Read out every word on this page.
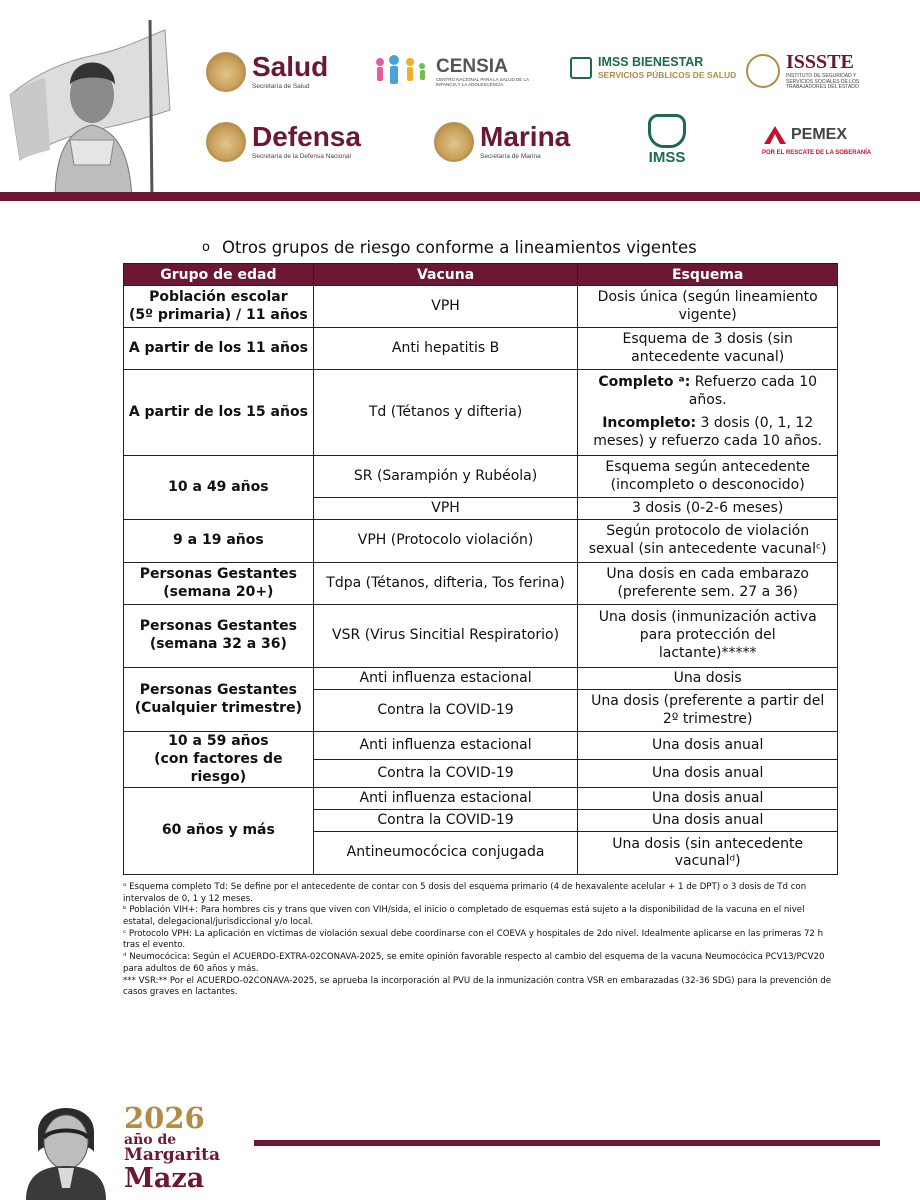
Salud
Secretaría de Salud
CENSIA
CENTRO NACIONAL PARA LA SALUD DE LA INFANCIA Y LA ADOLESCENCIA
IMSS BIENESTAR
SERVICIOS PÚBLICOS DE SALUD
ISSSTE
INSTITUTO DE SEGURIDAD Y SERVICIOS SOCIALES DE LOS TRABAJADORES DEL ESTADO
Defensa
Secretaría de la Defensa Nacional
Marina
Secretaría de Marina	IMSS
PEMEX
POR EL RESCATE DE LA SOBERANÍA
o Otros grupos de riesgo conforme a lineamientos vigentes
Grupo de edad	Vacuna	Esquema
Población escolar
(5º primaria) / 11 años	VPH	Dosis única (según lineamiento
vigente)
A partir de los 11 años	Anti hepatitis B	Esquema de 3 dosis (sin
antecedente vacunal)
A partir de los 15 años	Td (Tétanos y difteria)	Completo ᵃ: Refuerzo cada 10
años.

Incompleto: 3 dosis (0, 1, 12
meses) y refuerzo cada 10 años.

10 a 49 años	SR (Sarampión y Rubéola)	Esquema según antecedente
(incompleto o desconocido)
	VPH	3 dosis (0-2-6 meses)
9 a 19 años	VPH (Protocolo violación)	Según protocolo de violación
sexual (sin antecedente vacunalᶜ)
Personas Gestantes
(semana 20+)	Tdpa (Tétanos, difteria, Tos ferina)	Una dosis en cada embarazo
(preferente sem. 27 a 36)
Personas Gestantes
(semana 32 a 36)	VSR (Virus Sincitial Respiratorio)	Una dosis (inmunización activa
para protección del
lactante)*****
Personas Gestantes
(Cualquier trimestre)	Anti influenza estacional	Una dosis
	Contra la COVID-19	Una dosis (preferente a partir del
2º trimestre)
10 a 59 años
(con factores de riesgo)	Anti influenza estacional	Una dosis anual
	Contra la COVID-19	Una dosis anual
60 años y más	Anti influenza estacional	Una dosis anual
	Contra la COVID-19	Una dosis anual
	Antineumocócica conjugada	Una dosis (sin antecedente
vacunalᵈ)

ᵃ Esquema completo Td: Se define por el antecedente de contar con 5 dosis del esquema primario (4 de hexavalente acelular + 1 de DPT) o 3 dosis de Td con intervalos de 0, 1 y 12 meses.

ᵇ Población VIH+: Para hombres cis y trans que viven con VIH/sida, el inicio o completado de esquemas está sujeto a la disponibilidad de la vacuna en el nivel estatal, delegacional/jurisdiccional y/o local.

ᶜ Protocolo VPH: La aplicación en víctimas de violación sexual debe coordinarse con el COEVA y hospitales de 2do nivel. Idealmente aplicarse en las primeras 72 h tras el evento.

ᵈ Neumocócica: Según el ACUERDO-EXTRA-02CONAVA-2025, se emite opinión favorable respecto al cambio del esquema de la vacuna Neumocócica PCV13/PCV20 para adultos de 60 años y más.

*** VSR:** Por el ACUERDO-02CONAVA-2025, se aprueba la incorporación al PVU de la inmunización contra VSR en embarazadas (32-36 SDG) para la prevención de casos graves en lactantes.

2026
año de
Margarita
Maza
